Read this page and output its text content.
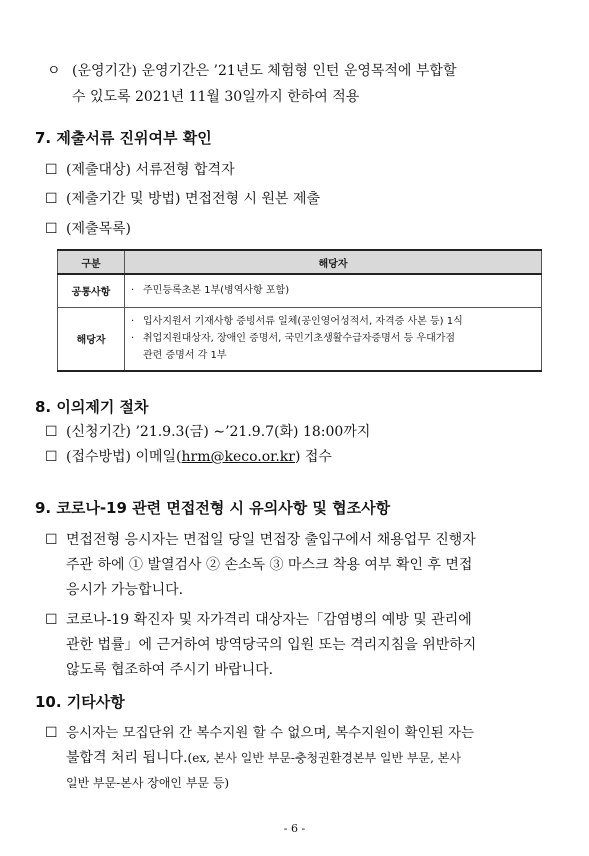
ㅇ (운영기간) 운영기간은 ’21년도 체험형 인턴 운영목적에 부합할
수 있도록 2021년 11월 30일까지 한하여 적용
7. 제출서류 진위여부 확인
☐ (제출대상) 서류전형 합격자
☐ (제출기간 및 방법) 면접전형 시 원본 제출
☐ (제출목록)
구분	해당자
공통사항	· 주민등록초본 1부(병역사항 포함)
해당자	· 입사지원서 기재사항 증빙서류 일체(공인영어성적서, 자격증 사본 등) 1식
· 취업지원대상자, 장애인 증명서, 국민기초생활수급자증명서 등 우대가점
관련 증명서 각 1부
8. 이의제기 절차
☐ (신청기간) ’21.9.3(금) ∼’21.9.7(화) 18:00까지
☐ (접수방법) 이메일(hrm@keco.or.kr) 접수
9. 코로나-19 관련 면접전형 시 유의사항 및 협조사항
☐ 면접전형 응시자는 면접일 당일 면접장 출입구에서 채용업무 진행자
주관 하에 ① 발열검사 ② 손소독 ③ 마스크 착용 여부 확인 후 면접
응시가 가능합니다.
☐ 코로나-19 확진자 및 자가격리 대상자는「감염병의 예방 및 관리에
관한 법률」에 근거하여 방역당국의 입원 또는 격리지침을 위반하지
않도록 협조하여 주시기 바랍니다.
10. 기타사항
☐ 응시자는 모집단위 간 복수지원 할 수 없으며, 복수지원이 확인된 자는
불합격 처리 됩니다.(ex, 본사 일반 부문-충청권환경본부 일반 부문, 본사
일반 부문-본사 장애인 부문 등)
- 6 -
